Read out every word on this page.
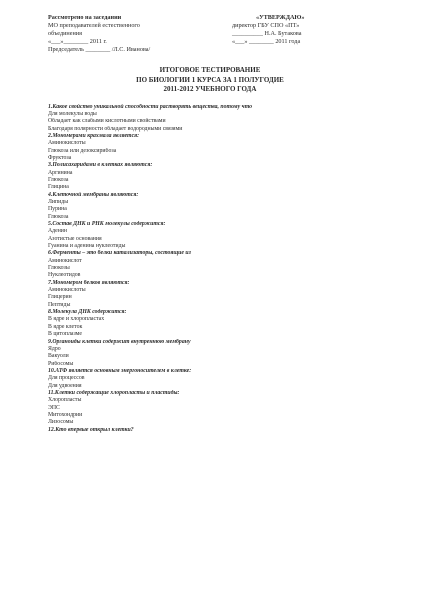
Рассмотрено на заседании
МО преподавателей естественного
объединения
«___»________ 2011 г.
Председатель ________ /Л.С. Иванова/
«УТВЕРЖДАЮ»
директор ГБУ СПО «ПТ»
__________ Н.А. Бутакова
«___» ________ 2011 года
ИТОГОВОЕ ТЕСТИРОВАНИЕ
ПО БИОЛОГИИ 1 КУРСА ЗА 1 ПОЛУГОДИЕ
2011-2012 УЧЕБНОГО ГОДА
1.Какое свойство уникальной способности растворять вещества, потому что
Для молекулы воды
Обладает как слабыми кислотными свойствами
Благодаря полярности обладает водородными связями
2.Мономерами крахмала является:
Аминокислоты
Глюкоза или дезоксирибоза
Фруктоза
3.Полисахаридами в клетках являются:
Аргинина
Глюкоза
Глицина
4.Клеточной мембраны являются:
Липиды
Пурина
Глюкоза
5.Состав ДНК и РНК молекулы содержится:
Аденин
Азотистые основания
Гуанина и аденина нуклеотиды
6.Ферменты – это белки катализаторы, состоящие из
Аминокислот
Глюкозы
Нуклеотидов
7.Мономером белков являются:
Аминокислоты
Глицерин
Пептиды
8.Молекула ДНК содержится:
В ядре и хлоропластах
В ядре клеток
В цитоплазме
9.Органоиды клетки содержит внутреннюю мембрану
Ядро
Вакуоли
Рибосомы
10.АТФ является основным энергоносителем в клетке:
Для процессов
Для удвоения
11.Клетки содержащие хлоропласты и пластиды:
Хлоропласты
ЭПС
Митохондрии
Лизосомы
12.Кто впервые открыл клетки?
